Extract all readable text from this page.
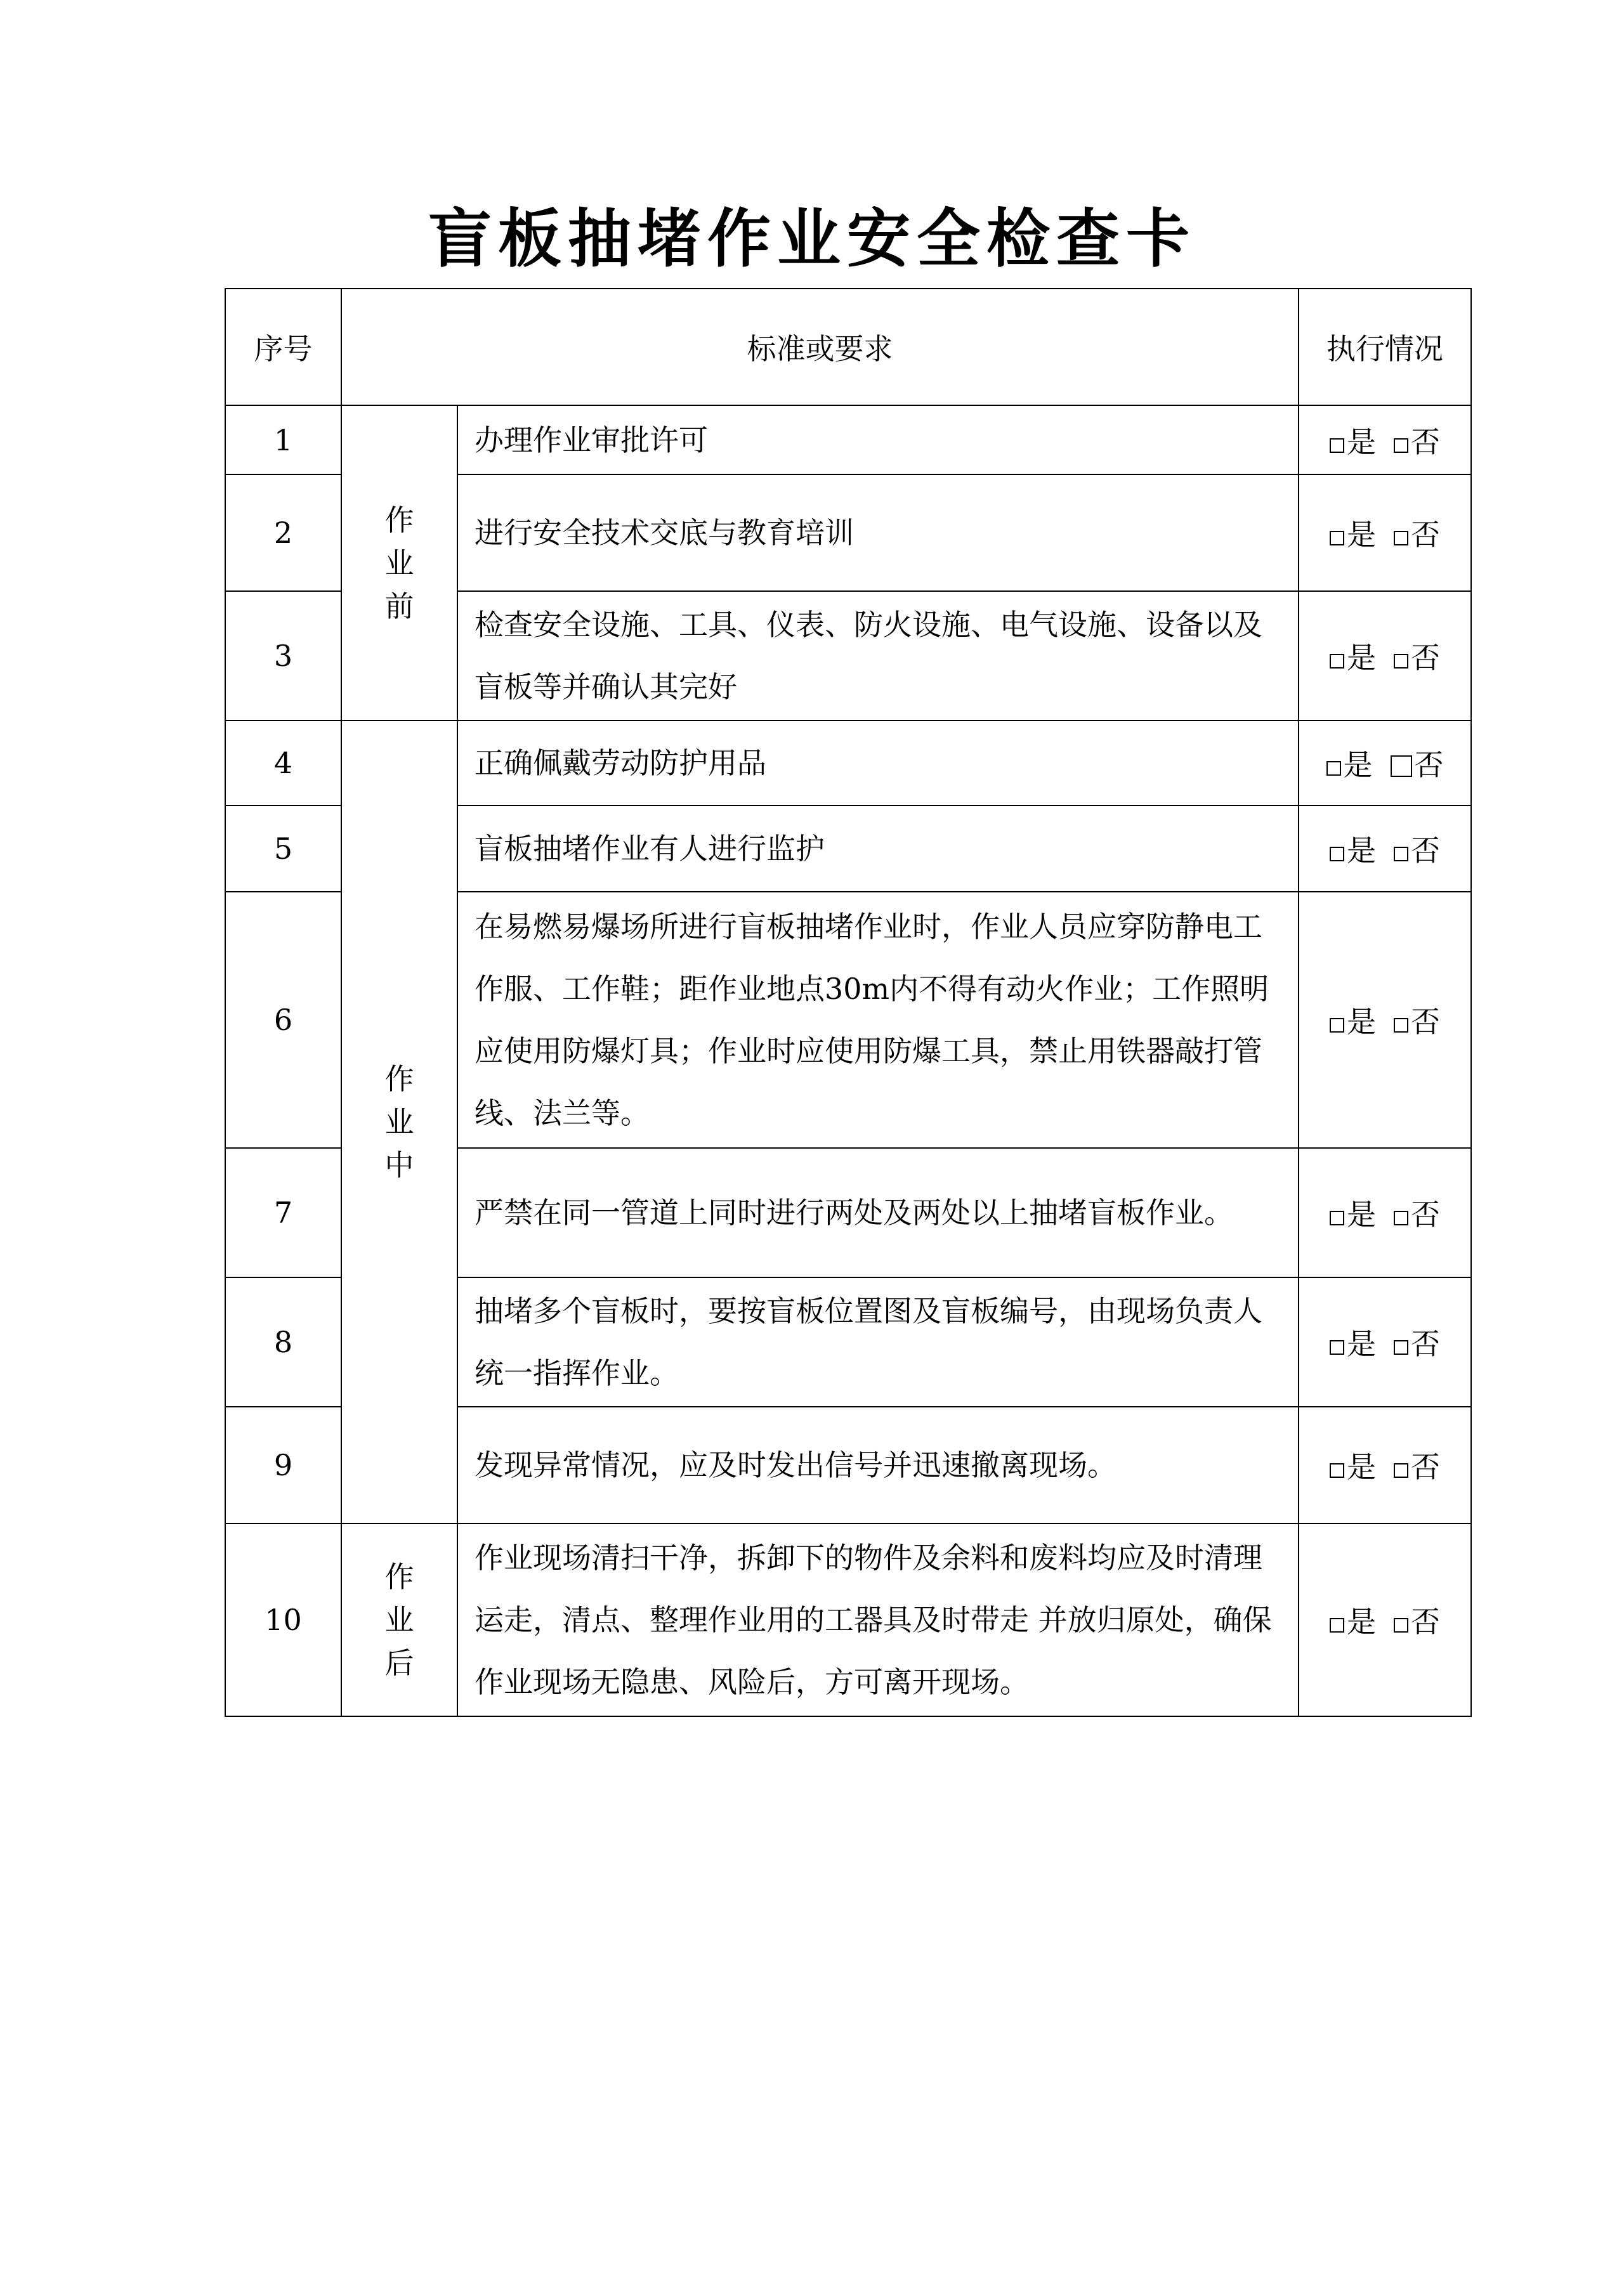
盲板抽堵作业安全检查卡
序号	标准或要求		执行情况
1	作业前	办理作业审批许可	是 否
2		进行安全技术交底与教育培训	是 否
3		检查安全设施、工具、仪表、防火设施、电气设施、设备以及盲板等并确认其完好	是 否
4	作业中	正确佩戴劳动防护用品	是 否
5		盲板抽堵作业有人进行监护	是 否
6		在易燃易爆场所进行盲板抽堵作业时，作业人员应穿防静电工作服、工作鞋；距作业地点30m内不得有动火作业；工作照明应使用防爆灯具；作业时应使用防爆工具，禁止用铁器敲打管线、法兰等。	是 否
7		严禁在同一管道上同时进行两处及两处以上抽堵盲板作业。	是 否
8		抽堵多个盲板时，要按盲板位置图及盲板编号，由现场负责人统一指挥作业。	是 否
9		发现异常情况，应及时发出信号并迅速撤离现场。	是 否
10	作业后	作业现场清扫干净，拆卸下的物件及余料和废料均应及时清理运走，清点、整理作业用的工器具及时带走 并放归原处，确保作业现场无隐患、风险后，方可离开现场。	是 否
